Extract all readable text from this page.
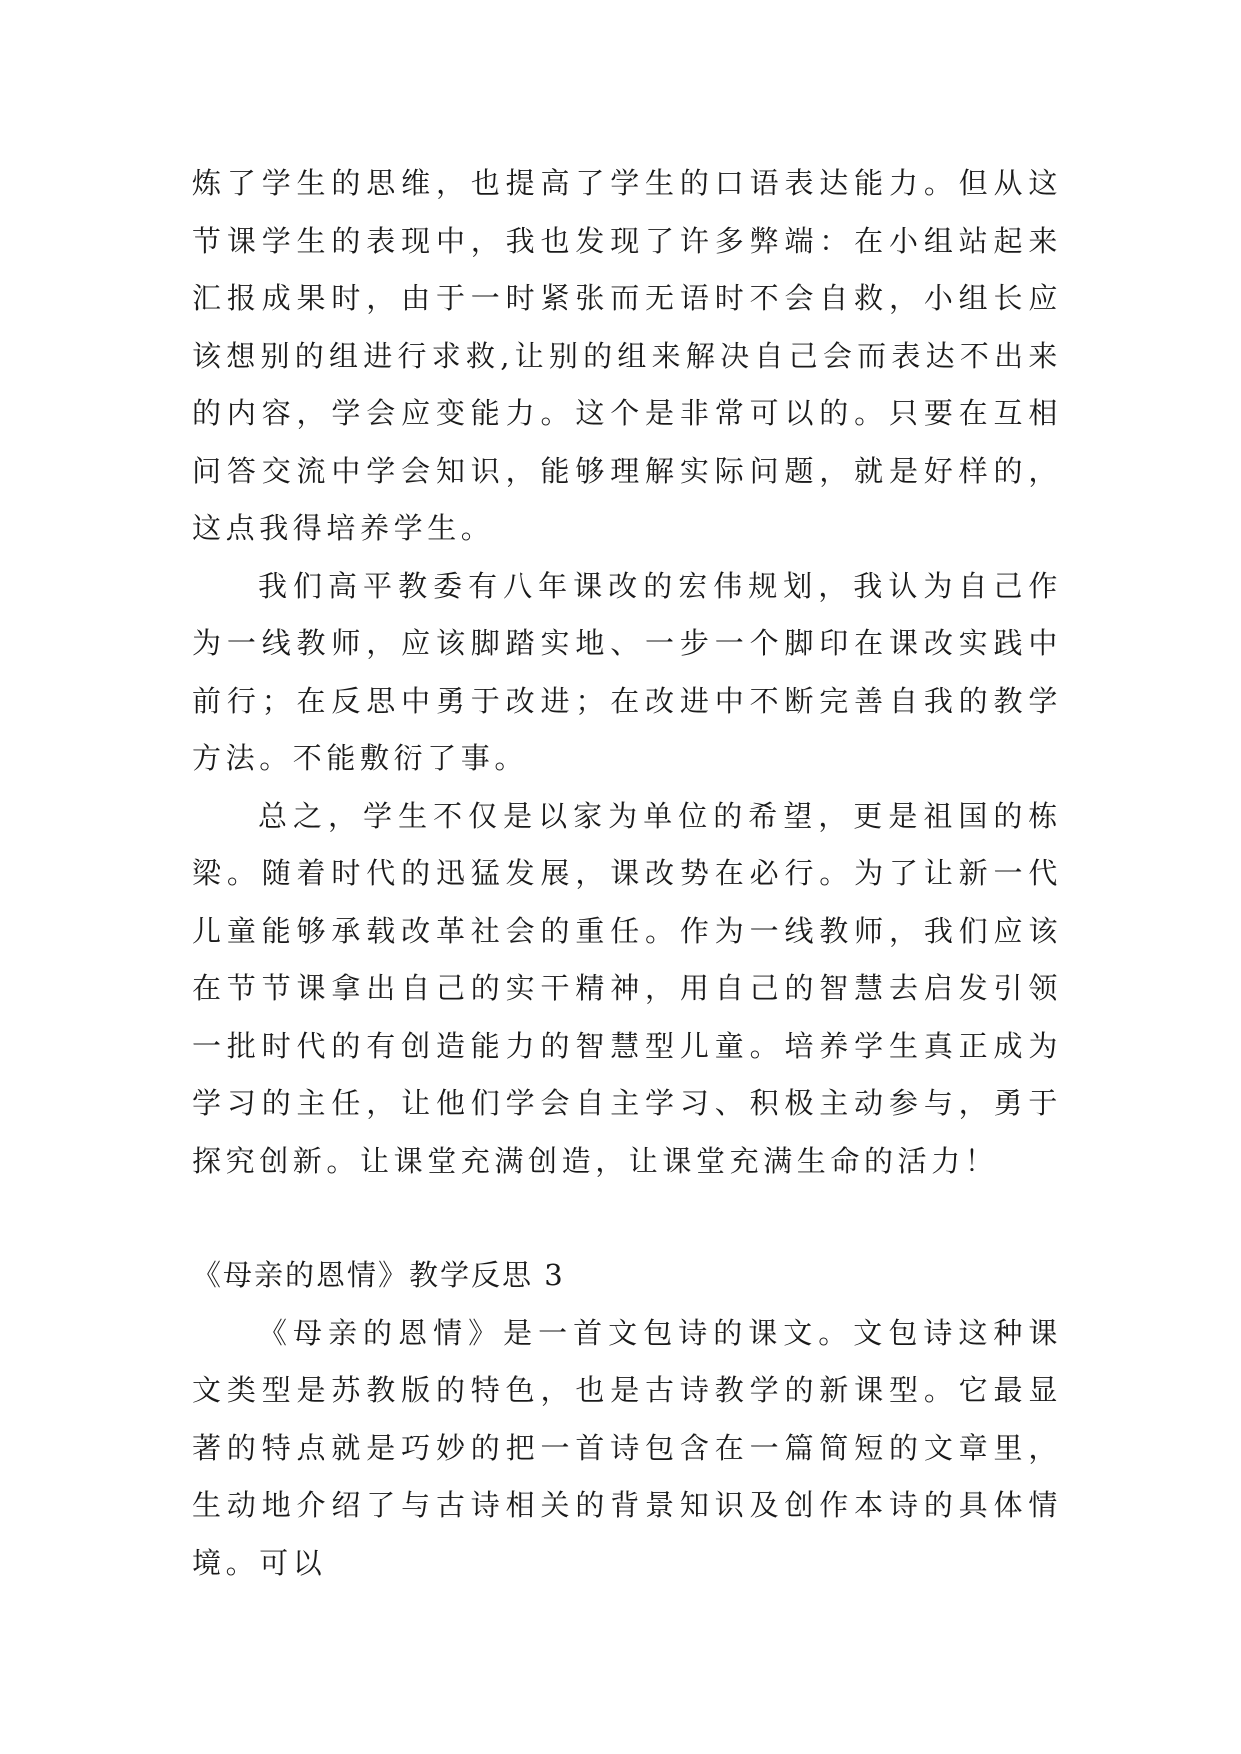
炼了学生的思维，也提高了学生的口语表达能力。但从这节课学生的表现中，我也发现了许多弊端：在小组站起来汇报成果时，由于一时紧张而无语时不会自救，小组长应该想别的组进行求救,让别的组来解决自己会而表达不出来的内容，学会应变能力。这个是非常可以的。只要在互相问答交流中学会知识，能够理解实际问题，就是好样的，这点我得培养学生。

我们高平教委有八年课改的宏伟规划，我认为自己作为一线教师，应该脚踏实地、一步一个脚印在课改实践中前行；在反思中勇于改进；在改进中不断完善自我的教学方法。不能敷衍了事。

总之，学生不仅是以家为单位的希望，更是祖国的栋梁。随着时代的迅猛发展，课改势在必行。为了让新一代儿童能够承载改革社会的重任。作为一线教师，我们应该在节节课拿出自己的实干精神，用自己的智慧去启发引领一批时代的有创造能力的智慧型儿童。培养学生真正成为学习的主任，让他们学会自主学习、积极主动参与，勇于探究创新。让课堂充满创造，让课堂充满生命的活力！

《母亲的恩情》教学反思 3

《母亲的恩情》是一首文包诗的课文。文包诗这种课文类型是苏教版的特色，也是古诗教学的新课型。它最显著的特点就是巧妙的把一首诗包含在一篇简短的文章里，生动地介绍了与古诗相关的背景知识及创作本诗的具体情境。可以
